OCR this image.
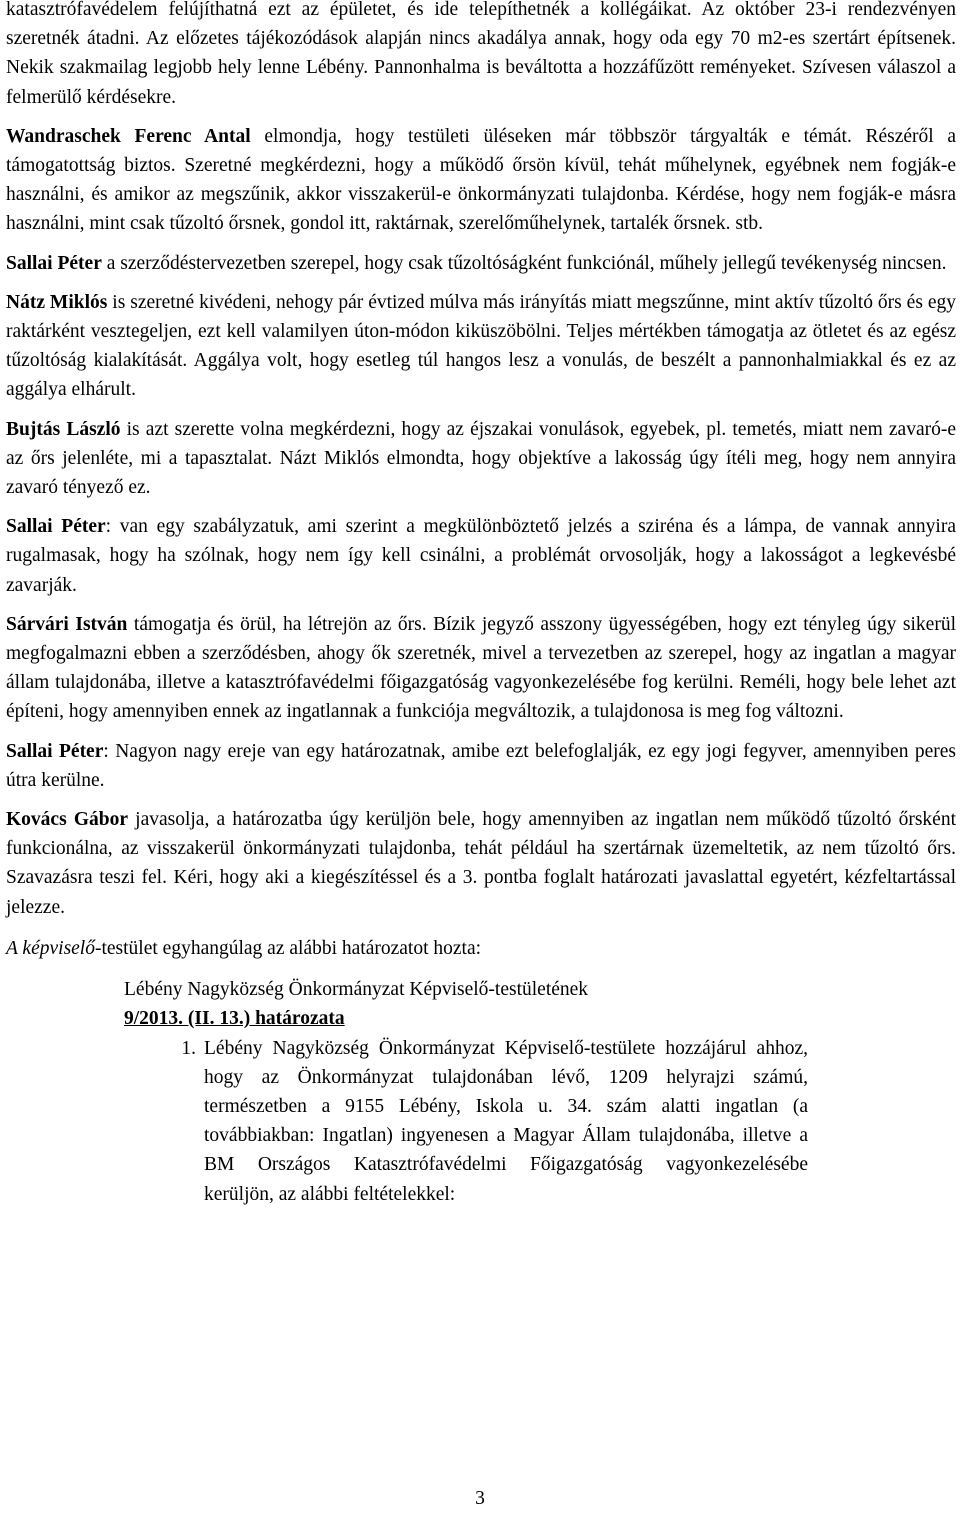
katasztrófavédelem felújíthatná ezt az épületet, és ide telepíthetnék a kollégáikat. Az október 23-i rendezvényen szeretnék átadni. Az előzetes tájékozódások alapján nincs akadálya annak, hogy oda egy 70 m2-es szertárt építsenek. Nekik szakmailag legjobb hely lenne Lébény. Pannonhalma is beváltotta a hozzáfűzött reményeket. Szívesen válaszol a felmerülő kérdésekre.

Wandraschek Ferenc Antal elmondja, hogy testületi üléseken már többször tárgyalták e témát. Részéről a támogatottság biztos. Szeretné megkérdezni, hogy a működő őrsön kívül, tehát műhelynek, egyébnek nem fogják-e használni, és amikor az megszűnik, akkor visszakerül-e önkormányzati tulajdonba. Kérdése, hogy nem fogják-e másra használni, mint csak tűzoltó őrsnek, gondol itt, raktárnak, szerelőműhelynek, tartalék őrsnek. stb.

Sallai Péter a szerződéstervezetben szerepel, hogy csak tűzoltóságként funkciónál, műhely jellegű tevékenység nincsen.

Nátz Miklós is szeretné kivédeni, nehogy pár évtized múlva más irányítás miatt megszűnne, mint aktív tűzoltó őrs és egy raktárként vesztegeljen, ezt kell valamilyen úton-módon kiküszöbölni. Teljes mértékben támogatja az ötletet és az egész tűzoltóság kialakítását. Aggálya volt, hogy esetleg túl hangos lesz a vonulás, de beszélt a pannonhalmiakkal és ez az aggálya elhárult.

Bujtás László is azt szerette volna megkérdezni, hogy az éjszakai vonulások, egyebek, pl. temetés, miatt nem zavaró-e az őrs jelenléte, mi a tapasztalat. Názt Miklós elmondta, hogy objektíve a lakosság úgy ítéli meg, hogy nem annyira zavaró tényező ez.

Sallai Péter: van egy szabályzatuk, ami szerint a megkülönböztető jelzés a sziréna és a lámpa, de vannak annyira rugalmasak, hogy ha szólnak, hogy nem így kell csinálni, a problémát orvosolják, hogy a lakosságot a legkevésbé zavarják.

Sárvári István támogatja és örül, ha létrejön az őrs. Bízik jegyző asszony ügyességében, hogy ezt tényleg úgy sikerül megfogalmazni ebben a szerződésben, ahogy ők szeretnék, mivel a tervezetben az szerepel, hogy az ingatlan a magyar állam tulajdonába, illetve a katasztrófavédelmi főigazgatóság vagyonkezelésébe fog kerülni. Reméli, hogy bele lehet azt építeni, hogy amennyiben ennek az ingatlannak a funkciója megváltozik, a tulajdonosa is meg fog változni.

Sallai Péter: Nagyon nagy ereje van egy határozatnak, amibe ezt belefoglalják, ez egy jogi fegyver, amennyiben peres útra kerülne.

Kovács Gábor javasolja, a határozatba úgy kerüljön bele, hogy amennyiben az ingatlan nem működő tűzoltó őrsként funkcionálna, az visszakerül önkormányzati tulajdonba, tehát például ha szertárnak üzemeltetik, az nem tűzoltó őrs. Szavazásra teszi fel. Kéri, hogy aki a kiegészítéssel és a 3. pontba foglalt határozati javaslattal egyetért, kézfeltartással jelezze.

A képviselő-testület egyhangúlag az alábbi határozatot hozta:

Lébény Nagyközség Önkormányzat Képviselő-testületének

9/2013. (II. 13.) határozata

1. Lébény Nagyközség Önkormányzat Képviselő-testülete hozzájárul ahhoz, hogy az Önkormányzat tulajdonában lévő, 1209 helyrajzi számú, természetben a 9155 Lébény, Iskola u. 34. szám alatti ingatlan (a továbbiakban: Ingatlan) ingyenesen a Magyar Állam tulajdonába, illetve a BM Országos Katasztrófavédelmi Főigazgatóság vagyonkezelésébe kerüljön, az alábbi feltételekkel:
3
